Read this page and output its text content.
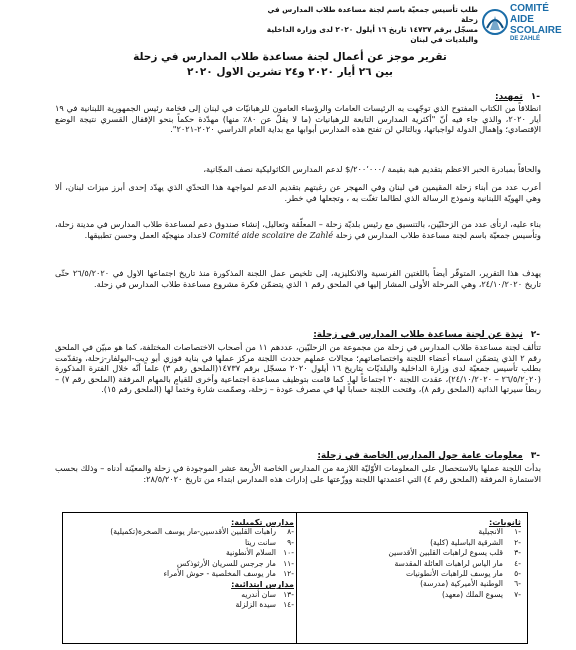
طلب تأسيس جمعيّة باسم لجنة مساعدة طلاب المدارس في زحلة
مسجّل برقم ١٤٧٣٧ تاريخ ١٦ أيلول ٢٠٢٠ لدى وزارة الداخلية والبلديات في لبنان
COMITÉ
AIDE
SCOLAIRE
DE ZAHLÉ
تقرير موجز عن أعمال لجنة مساعدة طلاب المدارس في زحلة
بين ٢٦ أيار ٢٠٢٠ و٢٤ تشرين الاول ٢٠٢٠
-١ تمهيد:
انطلاقاً من الكتاب المفتوح الذي توجّهت به الرئيسات العامات والرؤساء العامون للرهبانيّات في لبنان إلى فخامة رئيس الجمهورية اللبنانية في ١٩ أيار ٢٠٢٠، والذي جاء فيه أنّ "أكثرية المدارس التابعة للرهبانيات (ما لا يقلّ عن ٨٠٪ منها) مهدّدة حكماً بنحو الإقفال القسري نتيجة الوضع الإقتصادي؛ وإهمال الدولة لواجباتها، وبالتالي لن تفتح هذه المدارس أبوابها مع بداية العام الدراسي ٢٠٢٠-٢٠٢١".
والحاقاً بمبادرة الحبر الاعظم بتقديم هبة بقيمة /٢٠٠٬٠٠٠/$ لدعم المدارس الكاثوليكية نصف المجّانية،
أعرب عدد من أبناء زحلة المقيمين في لبنان وفي المهجر عن رغبتهم بتقديم الدعم لمواجهة هذا التحدّي الذي يهدّد إحدى أبرز ميزات لبنان، ألا وهي الهويّة اللبنانية ونموذج الرسالة الذي لطالما تغنّت به ، وتجعلها في خطر.
بناء عليه، ارتأى عدد من الزحليّين، بالتنسيق مع رئيس بلديّة زحلة – المعلّقة وتعاليل، إنشاء صندوق دعم لمساعدة طلاب المدارس في مدينة زحلة، وتأسيس جمعيّة باسم لجنة مساعدة طلاب المدارس في زحلة Comité aide scolaire de Zahlé لاعداد منهجيّة العمل وحسن تطبيقها.
يهدف هذا التقرير، المتوفّر أيضاً باللغتين الفرنسية والانكليزية، إلى تلخيص عمل اللجنة المذكورة منذ تاريخ اجتماعها الاول في ٢٦/٥/٢٠٢٠ حتّى تاريخ ٢٤/١٠/٢٠٢٠، وهي المرحلة الأولى المشار إليها في الملحق رقم ١ الذي يتضمّن فكرة مشروع مساعدة طلاب المدارس في زحلة.
-٢ نبذة عن لجنة مساعدة طلاب المدارس في زحلة:
تتألف لجنة مساعدة طلاب المدارس في زحلة من مجموعة من الزحليّين، عددهم ١١ من أصحاب الاختصاصات المختلفة، كما هو مبيّن في الملحق رقم ٢ الذي يتضمّن اسماء أعضاء اللجنة واختصاصاتهم؛ مجالات عملهم حددت اللجنة مركز عملها في بناية فوزي أبو ديب-البولفار-زحلة، وتقدّمت بطلب تأسيس جمعيّة لدى وزارة الداخلية والبلديّات بتاريخ ١٦ أيلول ٢٠٢٠ مسجّل برقم ١٤٧٣٧(الملحق رقم ٣) علماً أنّه خلال الفترة المذكورة (٢٦/٥/٢٠٢٠ – ٢٤/١٠/٢٠٢٠)، عقدت اللجنة ٢٠ اجتماعاً لها. كما قامت بتوظيف مساعدة اجتماعية وأخرى للقيام بالمهام المرفقة (الملحق رقم ٧) – ربطاً سيرتها الذاتية (الملحق رقم ٨)، وفتحت اللجنة حساباً لها في مصرف عودة – زحلة، وصمّمت شارة وختماً لها (الملحق رقم ١٥).
-٣ معلومات عامة حول المدارس الخاصة في زحلة:
بدأت اللجنة عملها بالاستحصال على المعلومات الأوّليّة اللازمة من المدارس الخاصة الأربعة عشر الموجودة في زحلة والمعيّنة أدناه – وذلك بحسب الاستمارة المرفقة (الملحق رقم ٤) التي اعتمدتها اللجنة ووزّعتها على إدارات هذه المدارس ابتداء من تاريخ ٢٨/٥/٢٠٢٠:
ثانويات:
-١الانجيلية
-٢الشرقية الباسلية (كلية)
-٣قلب يسوع لراهبات القلبين الأقدسين
-٤مار الياس لراهبات العائلة المقدسة
-٥مار يوسف للراهبات الأنطونيات
-٦الوطنية الأميركية (مدرسة)
-٧يسوع الملك (معهد)
مدارس تكميلية:
-٨راهبات القلبين الأقدسين-مار يوسف الصخرة(تكميلية)
-٩سانت ريتا
-١٠السلام الأنطونية
-١١مار جرجس للسريان الأرثوذكس
-١٢مار يوسف المخلصية - حوش الأمراء
مدارس ابتدائية:
-١٣سان أندريه
-١٤سيدة الزلزلة
